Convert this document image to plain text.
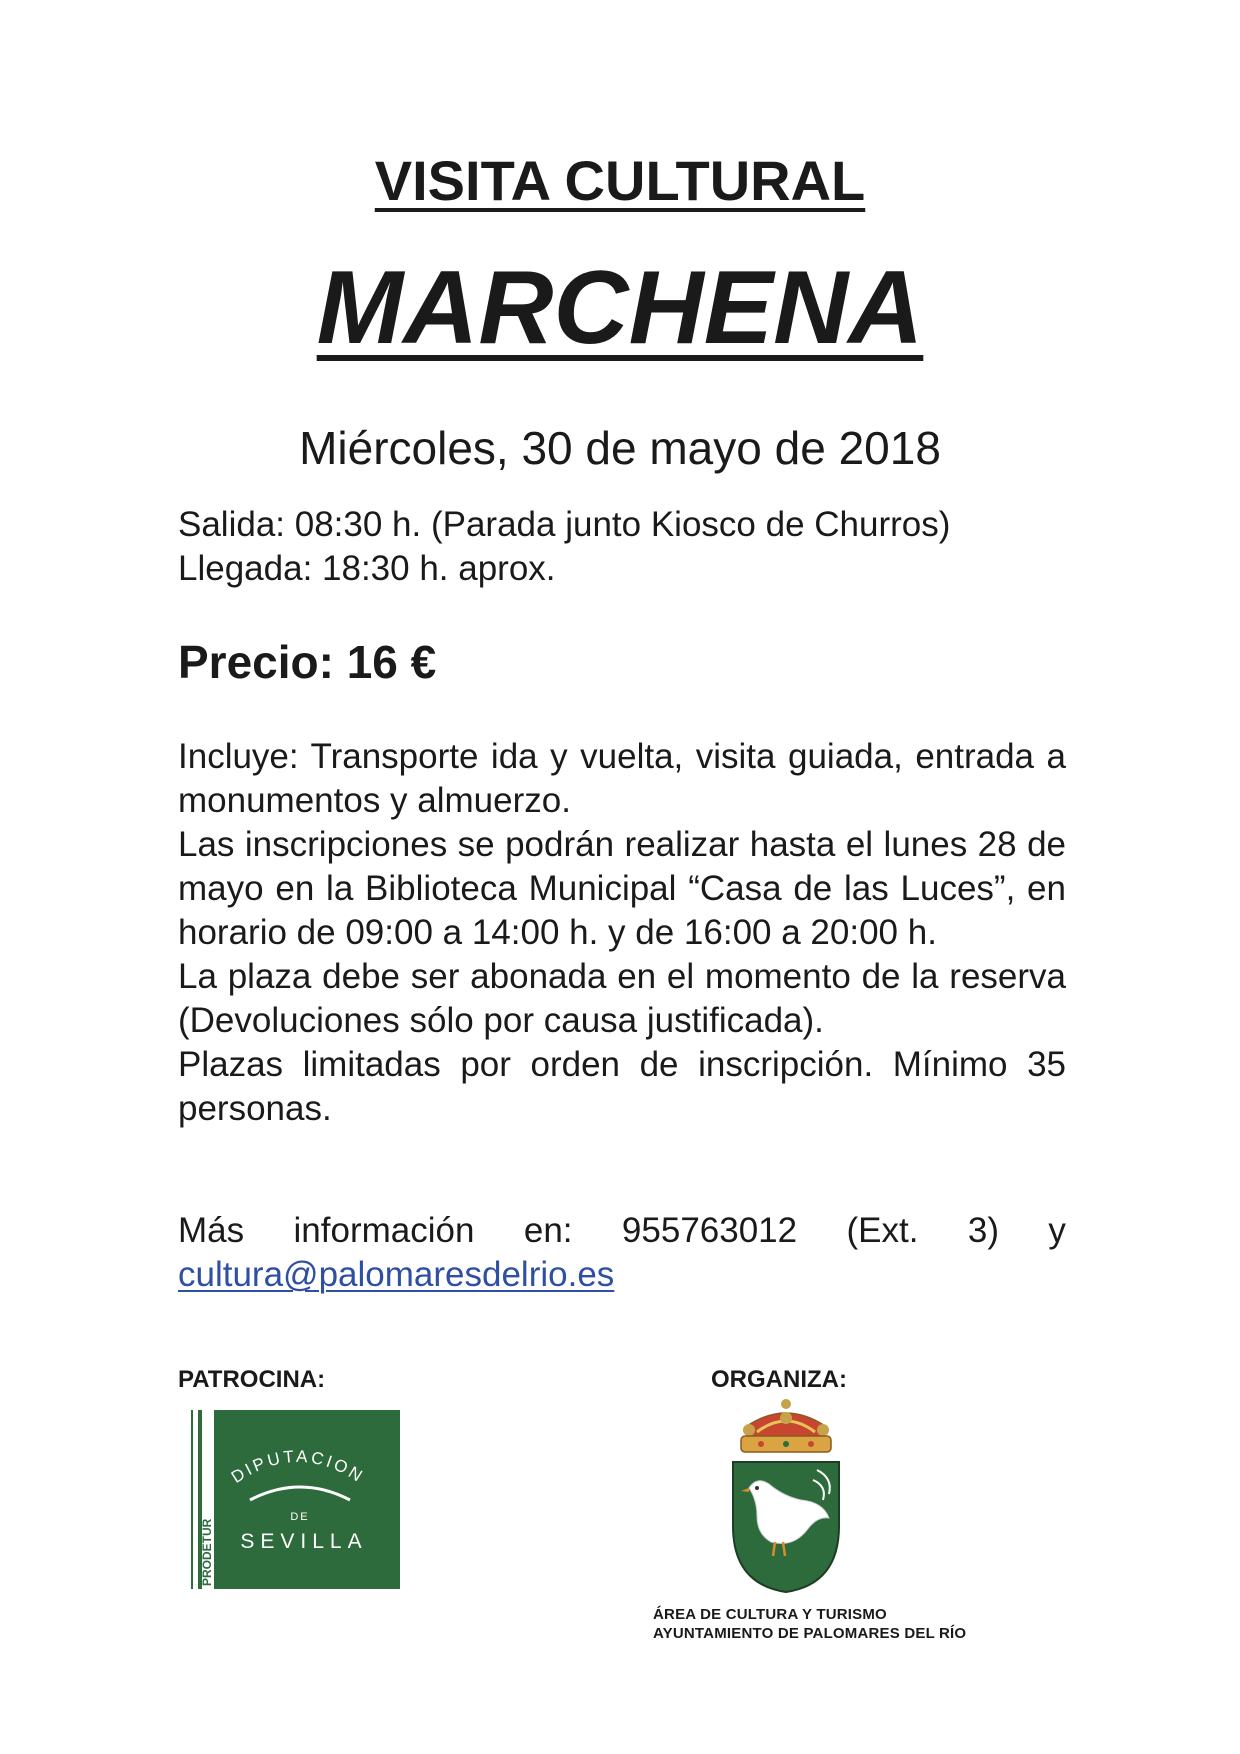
VISITA CULTURAL
MARCHENA
Miércoles, 30 de mayo de 2018
Salida: 08:30 h. (Parada junto Kiosco de Churros)
Llegada: 18:30 h. aprox.
Precio: 16 €

Incluye: Transporte ida y vuelta, visita guiada, entrada a monumentos y almuerzo.

Las inscripciones se podrán realizar hasta el lunes 28 de mayo en la Biblioteca Municipal “Casa de las Luces”, en horario de 09:00 a 14:00 h. y de 16:00 a 20:00 h.

La plaza debe ser abonada en el momento de la reserva (Devoluciones sólo por causa justificada).

Plazas limitadas por orden de inscripción. Mínimo 35 personas.

Más información en: 955763012 (Ext. 3) y
cultura@palomaresdelrio.es
PATROCINA:	ORGANIZA:
PRODETUR
DIPUTACION
DE
SEVILLA
ÁREA DE CULTURA Y TURISMO
AYUNTAMIENTO DE PALOMARES DEL RÍO
